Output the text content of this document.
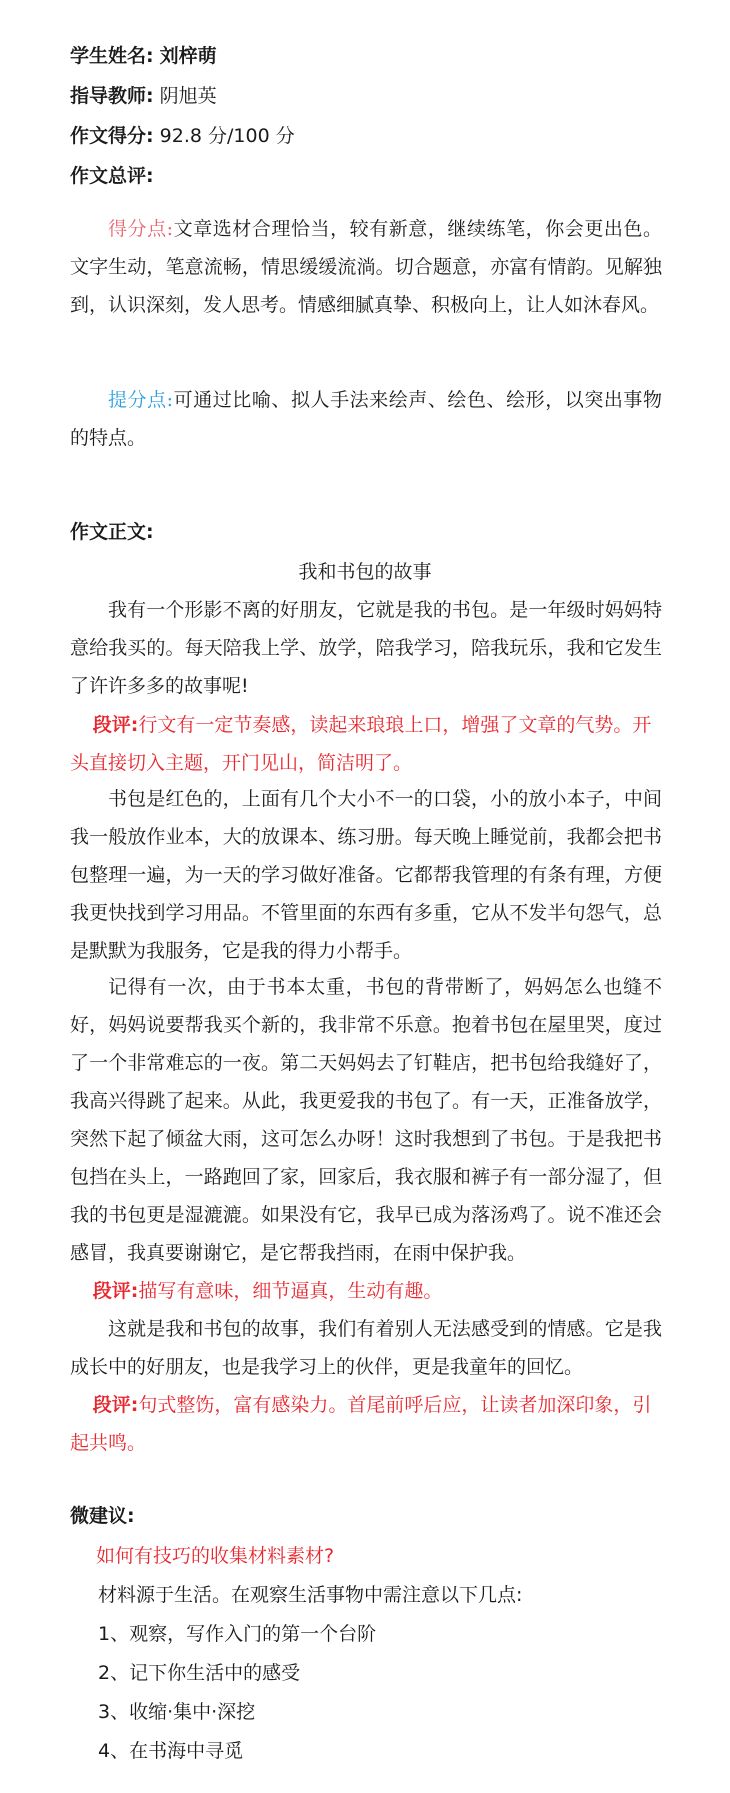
学生姓名: 刘梓萌
指导教师: 阴旭英
作文得分: 92.8 分/100 分
作文总评:
得分点:文章选材合理恰当，较有新意，继续练笔，你会更出色。文字生动，笔意流畅，情思缓缓流淌。切合题意，亦富有情韵。见解独到，认识深刻，发人思考。情感细腻真挚、积极向上，让人如沐春风。
提分点:可通过比喻、拟人手法来绘声、绘色、绘形，以突出事物的特点。
作文正文:
我和书包的故事
我有一个形影不离的好朋友，它就是我的书包。是一年级时妈妈特意给我买的。每天陪我上学、放学，陪我学习，陪我玩乐，我和它发生了许许多多的故事呢!
段评:行文有一定节奏感，读起来琅琅上口，增强了文章的气势。开头直接切入主题，开门见山，简洁明了。
书包是红色的，上面有几个大小不一的口袋，小的放小本子，中间我一般放作业本，大的放课本、练习册。每天晚上睡觉前，我都会把书包整理一遍，为一天的学习做好准备。它都帮我管理的有条有理，方便我更快找到学习用品。不管里面的东西有多重，它从不发半句怨气，总是默默为我服务，它是我的得力小帮手。
记得有一次，由于书本太重，书包的背带断了，妈妈怎么也缝不好，妈妈说要帮我买个新的，我非常不乐意。抱着书包在屋里哭，度过了一个非常难忘的一夜。第二天妈妈去了钉鞋店，把书包给我缝好了，我高兴得跳了起来。从此，我更爱我的书包了。有一天，正准备放学，突然下起了倾盆大雨，这可怎么办呀！这时我想到了书包。于是我把书包挡在头上，一路跑回了家，回家后，我衣服和裤子有一部分湿了，但我的书包更是湿漉漉。如果没有它，我早已成为落汤鸡了。说不准还会感冒，我真要谢谢它，是它帮我挡雨，在雨中保护我。
段评:描写有意味，细节逼真，生动有趣。
这就是我和书包的故事，我们有着别人无法感受到的情感。它是我成长中的好朋友，也是我学习上的伙伴，更是我童年的回忆。
段评:句式整饬，富有感染力。首尾前呼后应，让读者加深印象，引起共鸣。
微建议:
如何有技巧的收集材料素材?
材料源于生活。在观察生活事物中需注意以下几点:
1、观察，写作入门的第一个台阶
2、记下你生活中的感受
3、收缩·集中·深挖
4、在书海中寻觅
